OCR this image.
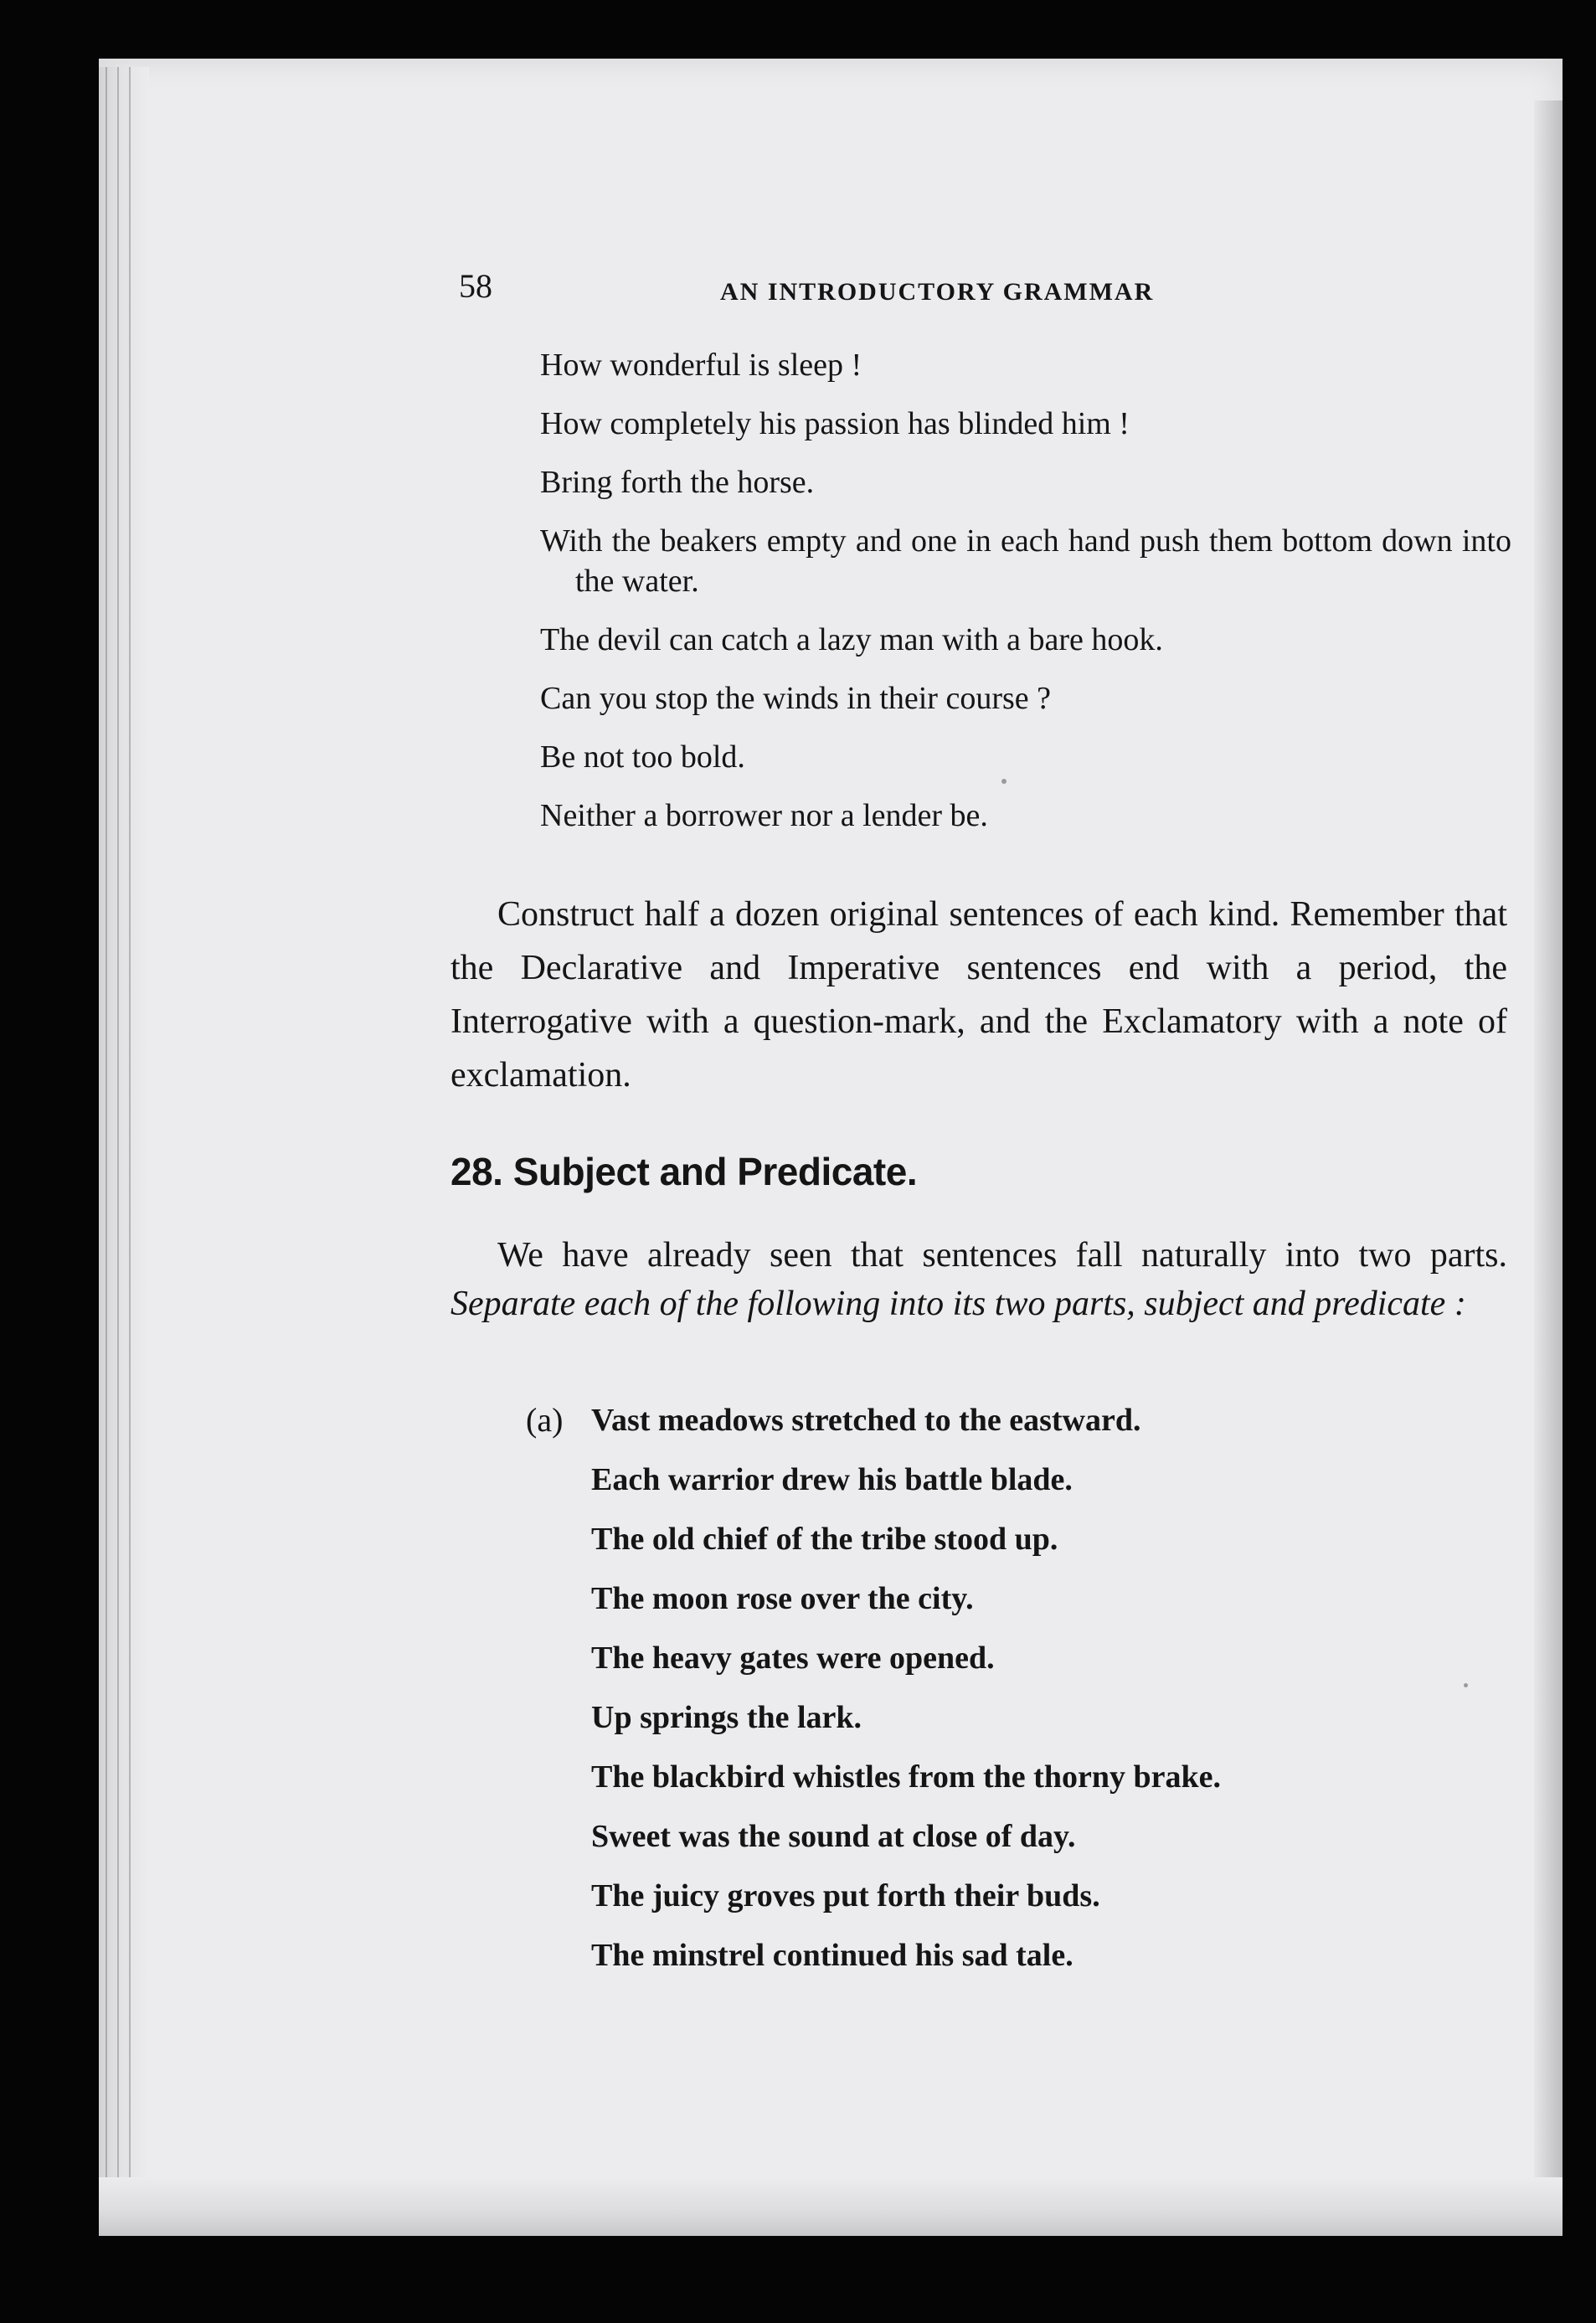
58	AN INTRODUCTORY GRAMMAR

How wonderful is sleep !

How completely his passion has blinded him !

Bring forth the horse.

With the beakers empty and one in each hand push them bottom down into the water.

The devil can catch a lazy man with a bare hook.

Can you stop the winds in their course ?

Be not too bold.

Neither a borrower nor a lender be.

Construct half a dozen original sentences of each kind. Remember that the Declarative and Imperative sentences end with a period, the Interrogative with a question-mark, and the Exclamatory with a note of exclamation.

28. Subject and Predicate.

We have already seen that sentences fall naturally into two parts. Separate each of the following into its two parts, subject and predicate :

(a) Vast meadows stretched to the eastward.
Each warrior drew his battle blade.
The old chief of the tribe stood up.
The moon rose over the city.
The heavy gates were opened.
Up springs the lark.
The blackbird whistles from the thorny brake.
Sweet was the sound at close of day.
The juicy groves put forth their buds.
The minstrel continued his sad tale.
